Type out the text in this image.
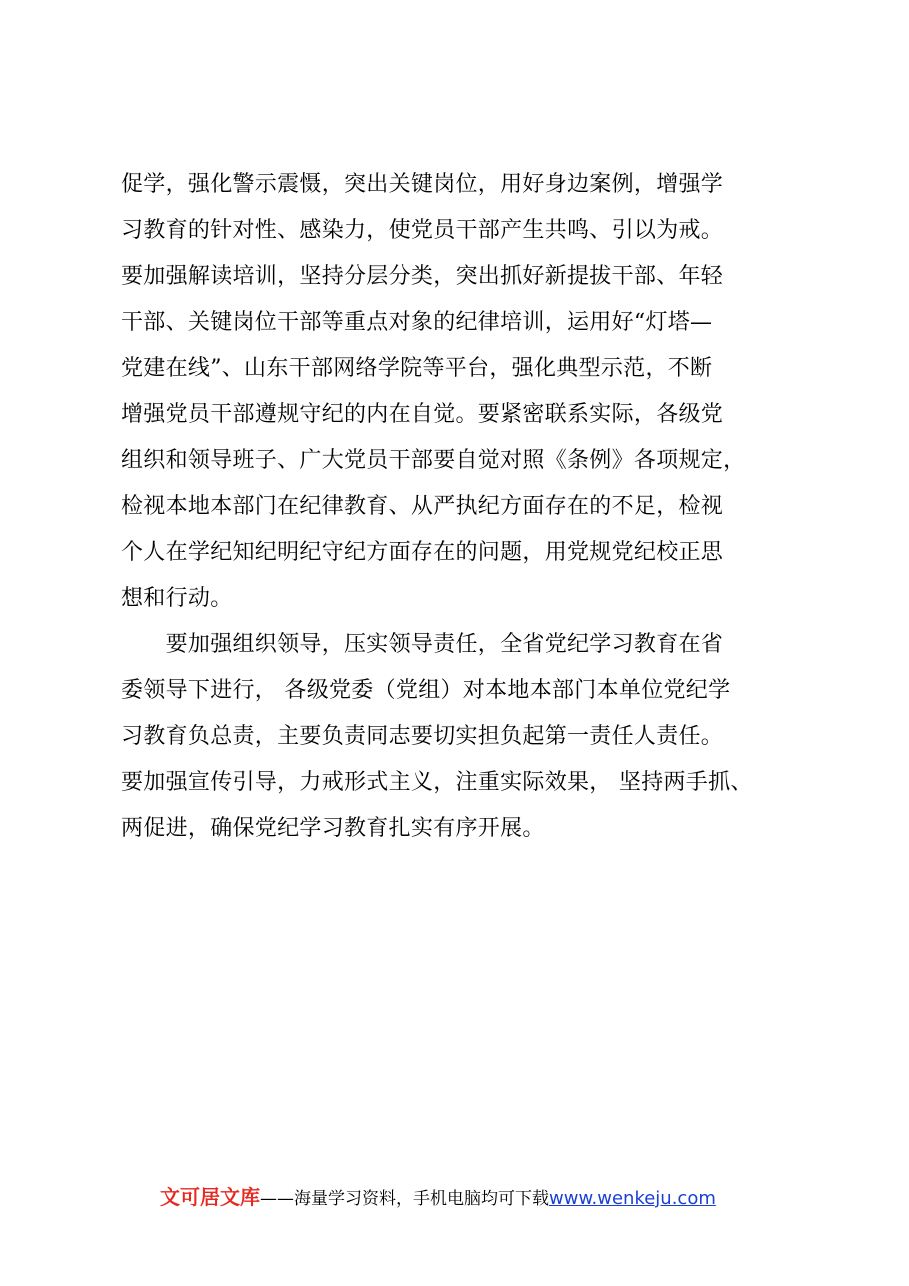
促学，强化警示震慑，突出关键岗位，用好身边案例，增强学
习教育的针对性、感染力，使党员干部产生共鸣、引以为戒。
要加强解读培训，坚持分层分类，突出抓好新提拔干部、年轻
干部、关键岗位干部等重点对象的纪律培训，运用好“灯塔—
党建在线”、山东干部网络学院等平台，强化典型示范，不断
增强党员干部遵规守纪的内在自觉。要紧密联系实际，各级党
组织和领导班子、广大党员干部要自觉对照《条例》各项规定，
检视本地本部门在纪律教育、从严执纪方面存在的不足，检视
个人在学纪知纪明纪守纪方面存在的问题，用党规党纪校正思
想和行动。
　　要加强组织领导，压实领导责任，全省党纪学习教育在省
委领导下进行， 各级党委（党组）对本地本部门本单位党纪学
习教育负总责，主要负责同志要切实担负起第一责任人责任。
要加强宣传引导，力戒形式主义，注重实际效果， 坚持两手抓、
两促进，确保党纪学习教育扎实有序开展。
文可居文库——海量学习资料，手机电脑均可下载www.wenkeju.com
